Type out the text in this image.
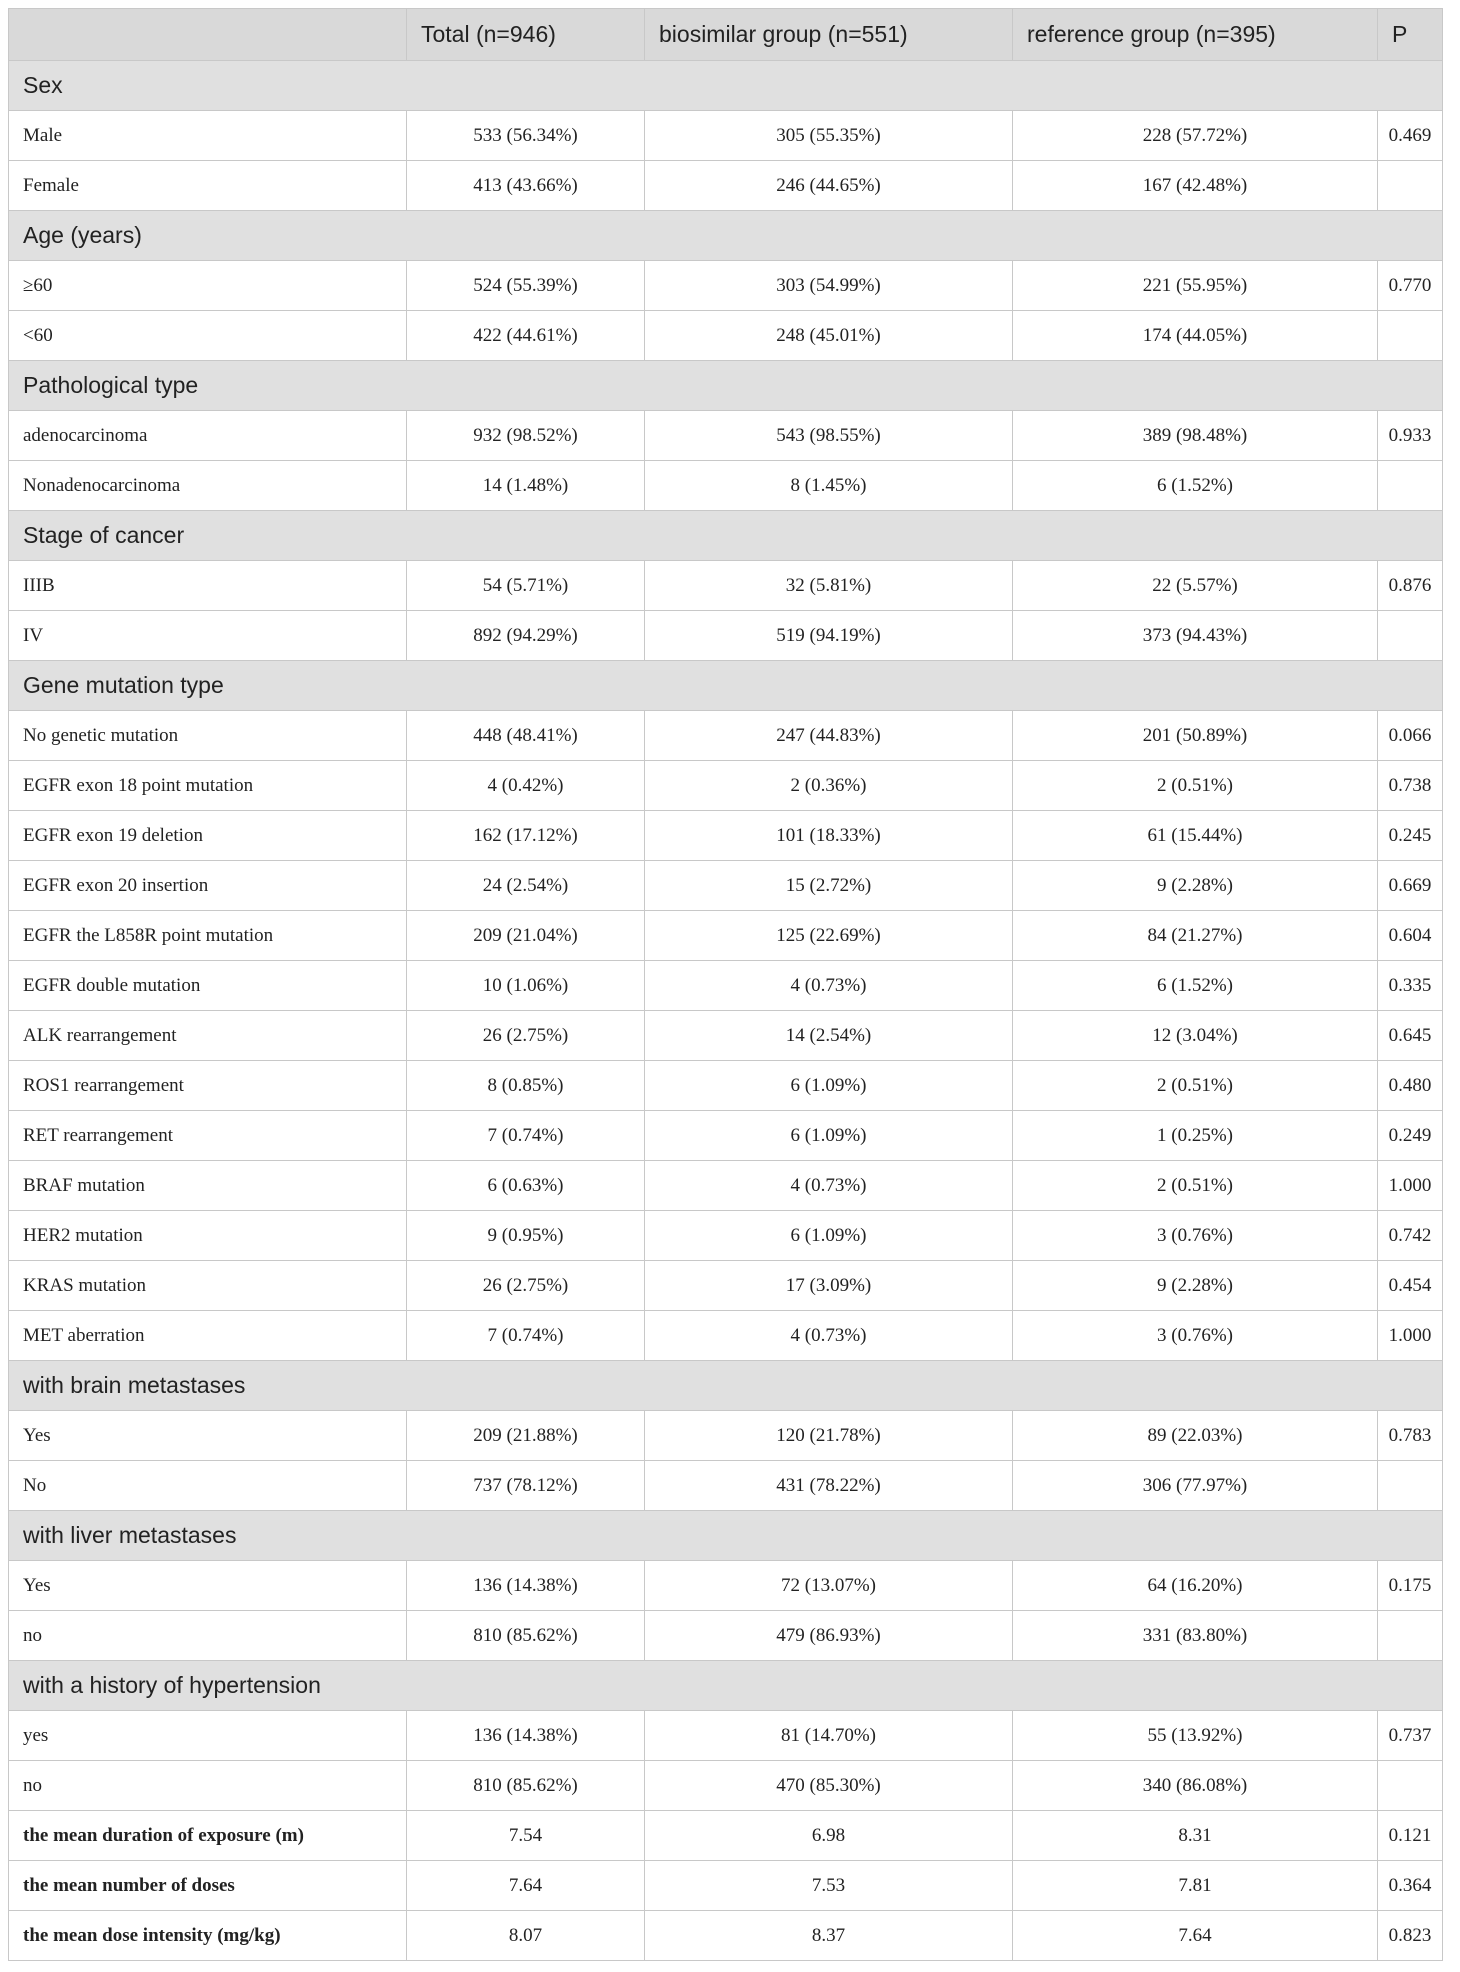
	Total (n=946)	biosimilar group (n=551)	reference group (n=395)	P
Sex				
Male	533 (56.34%)	305 (55.35%)	228 (57.72%)	0.469
Female	413 (43.66%)	246 (44.65%)	167 (42.48%)	
Age (years)				
≥60	524 (55.39%)	303 (54.99%)	221 (55.95%)	0.770
<60	422 (44.61%)	248 (45.01%)	174 (44.05%)	
Pathological type				
adenocarcinoma	932 (98.52%)	543 (98.55%)	389 (98.48%)	0.933
Nonadenocarcinoma	14 (1.48%)	8 (1.45%)	6 (1.52%)	
Stage of cancer				
IIIB	54 (5.71%)	32 (5.81%)	22 (5.57%)	0.876
IV	892 (94.29%)	519 (94.19%)	373 (94.43%)	
Gene mutation type				
No genetic mutation	448 (48.41%)	247 (44.83%)	201 (50.89%)	0.066
EGFR exon 18 point mutation	4 (0.42%)	2 (0.36%)	2 (0.51%)	0.738
EGFR exon 19 deletion	162 (17.12%)	101 (18.33%)	61 (15.44%)	0.245
EGFR exon 20 insertion	24 (2.54%)	15 (2.72%)	9 (2.28%)	0.669
EGFR the L858R point mutation	209 (21.04%)	125 (22.69%)	84 (21.27%)	0.604
EGFR double mutation	10 (1.06%)	4 (0.73%)	6 (1.52%)	0.335
ALK rearrangement	26 (2.75%)	14 (2.54%)	12 (3.04%)	0.645
ROS1 rearrangement	8 (0.85%)	6 (1.09%)	2 (0.51%)	0.480
RET rearrangement	7 (0.74%)	6 (1.09%)	1 (0.25%)	0.249
BRAF mutation	6 (0.63%)	4 (0.73%)	2 (0.51%)	1.000
HER2 mutation	9 (0.95%)	6 (1.09%)	3 (0.76%)	0.742
KRAS mutation	26 (2.75%)	17 (3.09%)	9 (2.28%)	0.454
MET aberration	7 (0.74%)	4 (0.73%)	3 (0.76%)	1.000
with brain metastases				
Yes	209 (21.88%)	120 (21.78%)	89 (22.03%)	0.783
No	737 (78.12%)	431 (78.22%)	306 (77.97%)	
with liver metastases				
Yes	136 (14.38%)	72 (13.07%)	64 (16.20%)	0.175
no	810 (85.62%)	479 (86.93%)	331 (83.80%)	
with a history of hypertension				
yes	136 (14.38%)	81 (14.70%)	55 (13.92%)	0.737
no	810 (85.62%)	470 (85.30%)	340 (86.08%)	
the mean duration of exposure (m)	7.54	6.98	8.31	0.121
the mean number of doses	7.64	7.53	7.81	0.364
the mean dose intensity (mg/kg)	8.07	8.37	7.64	0.823
